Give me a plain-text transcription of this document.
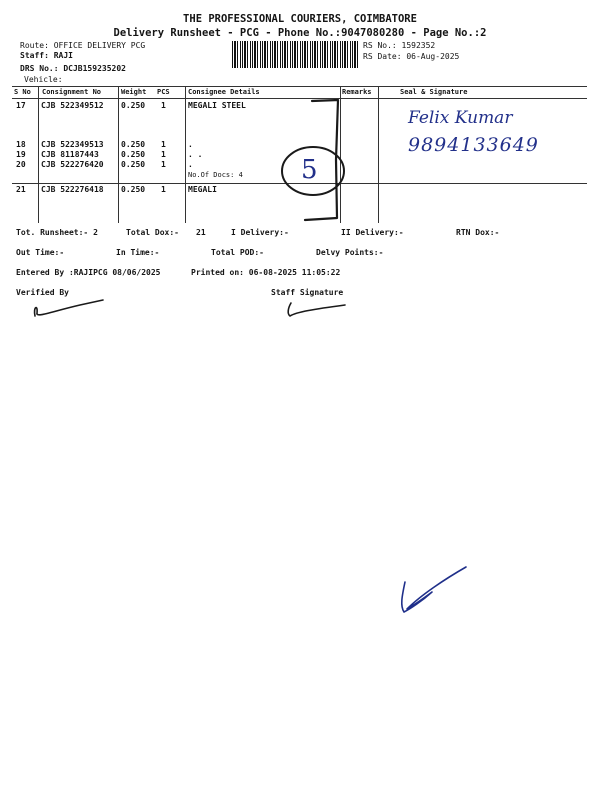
THE PROFESSIONAL COURIERS, COIMBATORE
Delivery Runsheet - PCG - Phone No.:9047080280 - Page No.:2
Route: OFFICE DELIVERY PCG
Staff: RAJI
DRS No.: DCJB159235202
Vehicle:
RS No.: 1592352
RS Date: 06-Aug-2025
S No Consignment No	Weight PCS	Consignee Details	Remarks	Seal & Signature
17 CJB 522349512 0.250 1	MEGALI STEEL
18 CJB 522349513 0.250 1	.
19 CJB 81187443	0.250 1	. .
20 CJB 522276420 0.250 1	.
No.Of Docs: 4
21 CJB 522276418 0.250 1	MEGALI
Tot. Runsheet:- 2	Total Dox:- 21	I Delivery:-	II Delivery:-	RTN Dox:-
Out Time:-	In Time:-	Total POD:-	Delvy Points:-
Entered By :RAJIPCG 08/06/2025	Printed on: 06-08-2025 11:05:22
Verified By	Staff Signature
Felix Kumar
9894133649
5
